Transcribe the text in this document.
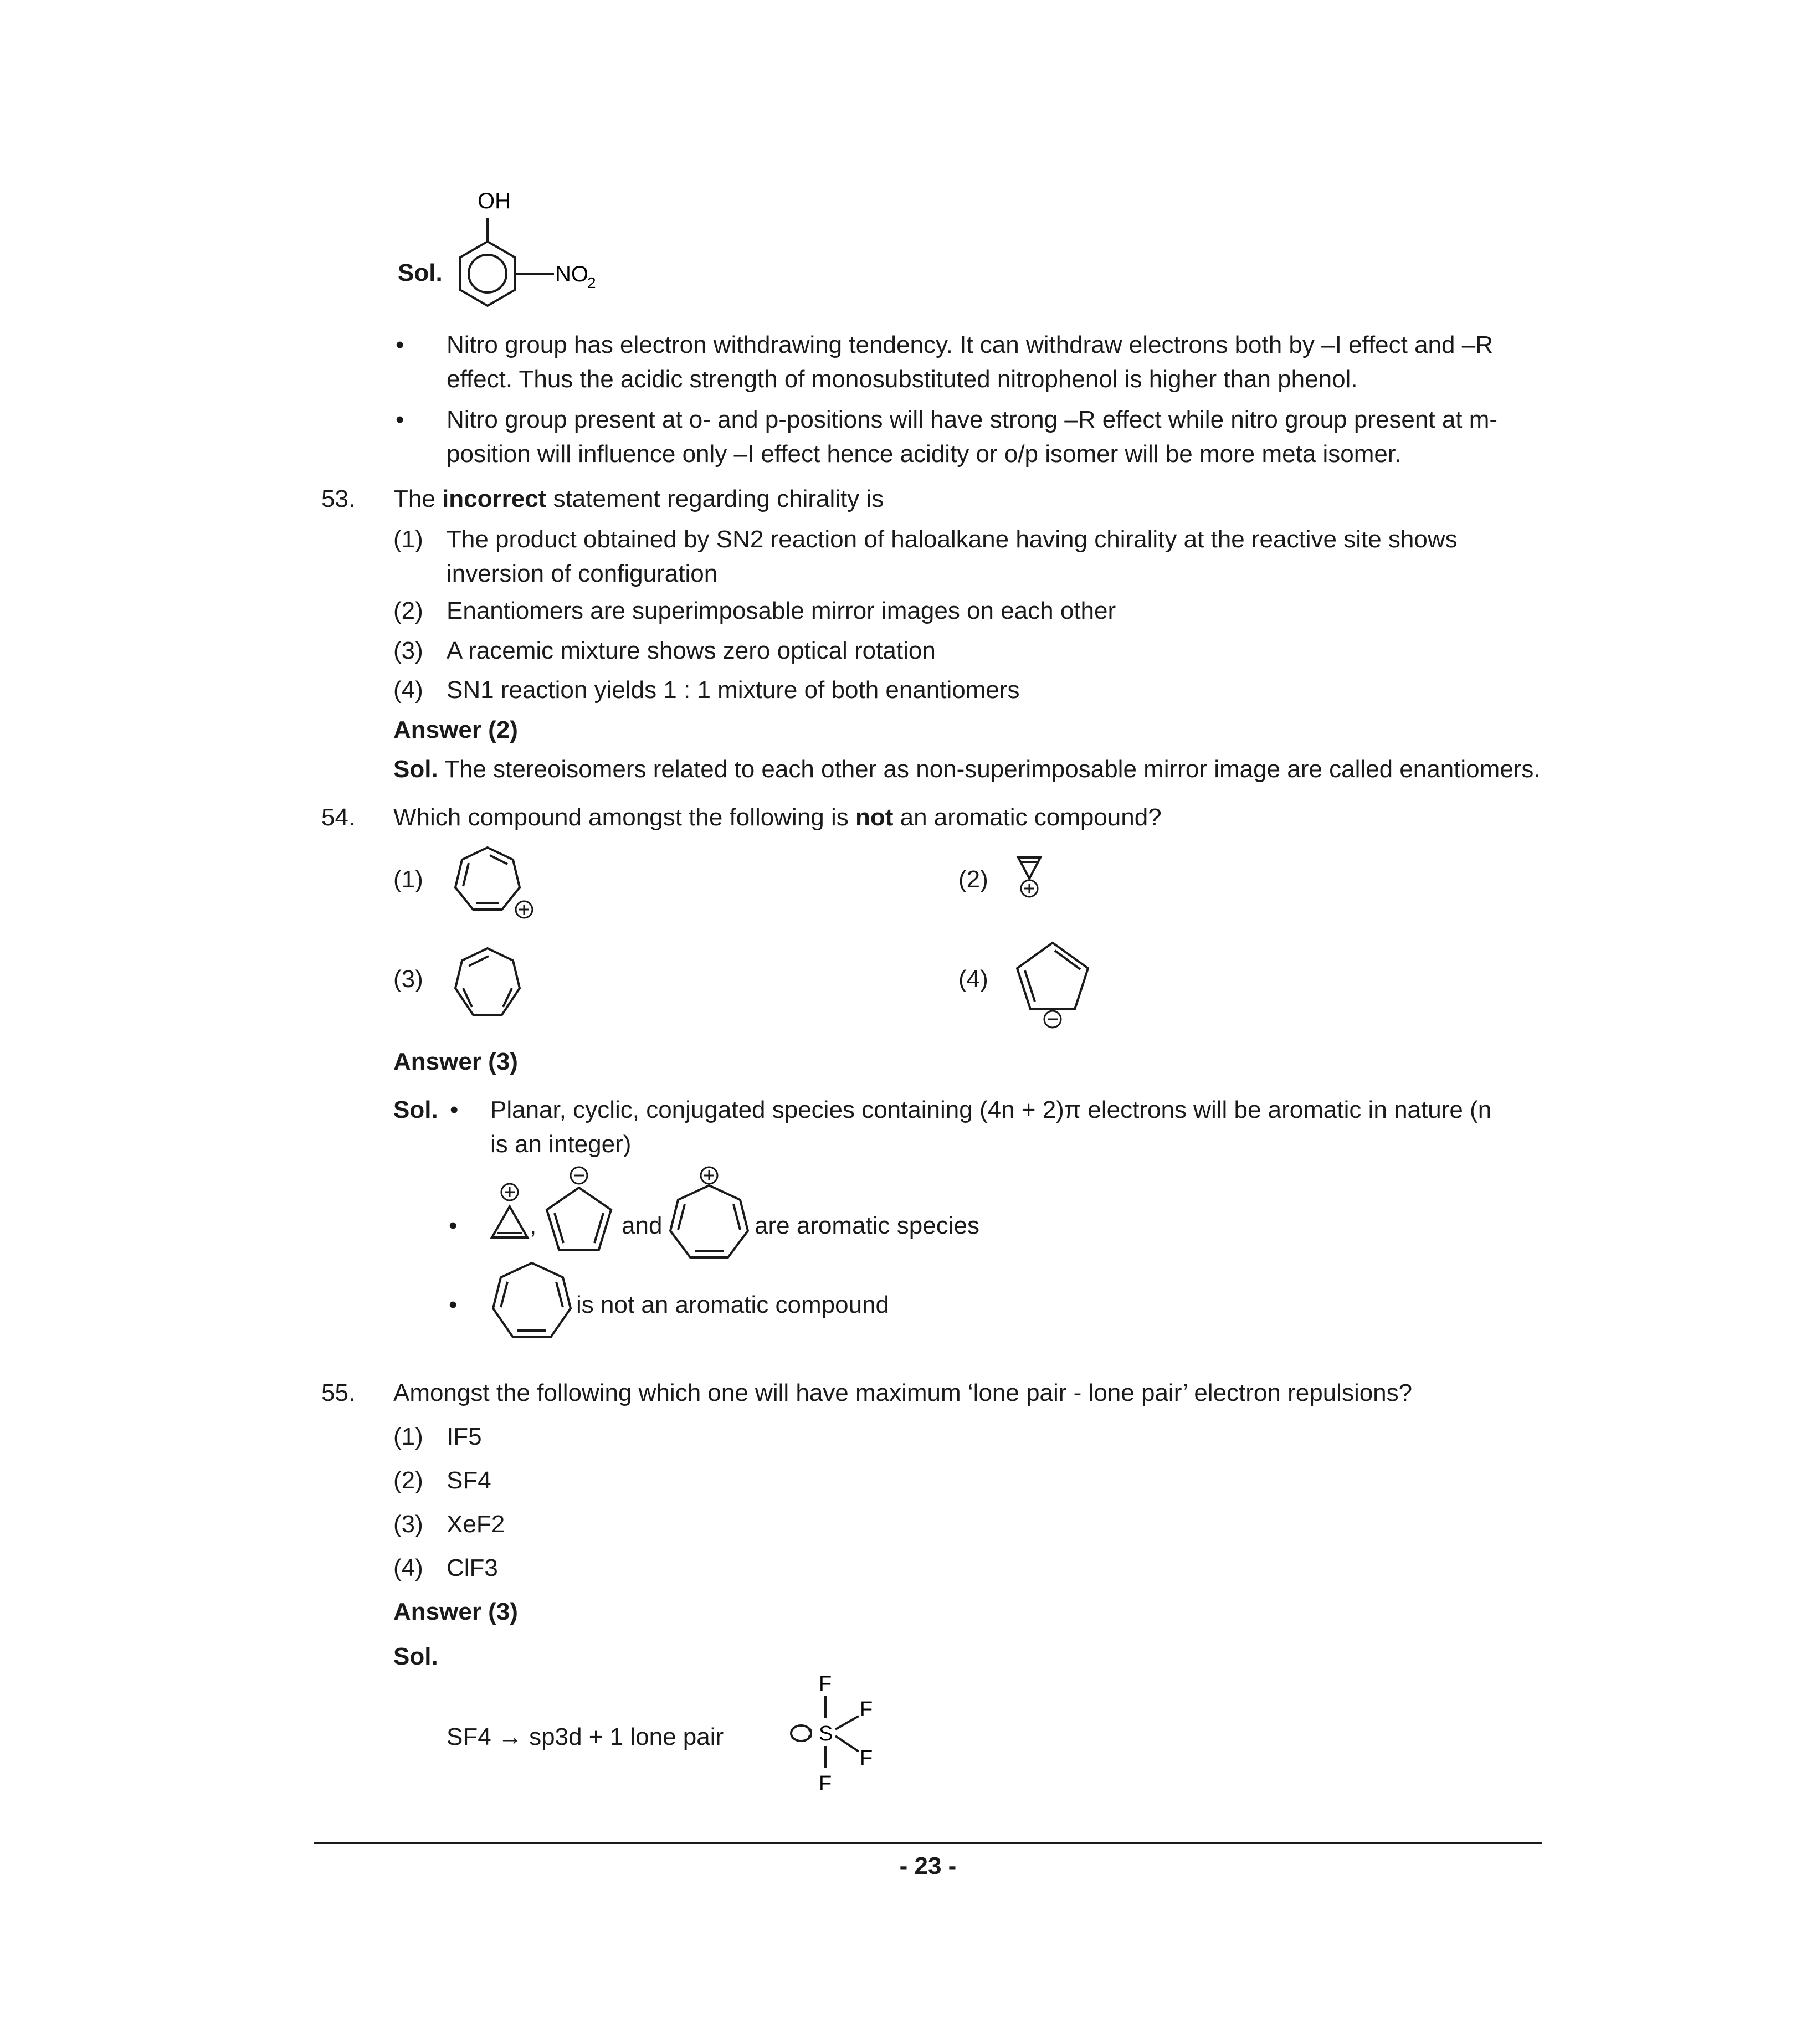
Sol.
OH
NO
2
• Nitro group has electron withdrawing tendency. It can withdraw electrons both by –I effect and –R effect. Thus the acidic strength of monosubstituted nitrophenol is higher than phenol.
• Nitro group present at o- and p-positions will have strong –R effect while nitro group present at m-position will influence only –I effect hence acidity or o/p isomer will be more meta isomer.
53. The incorrect statement regarding chirality is
(1) The product obtained by SN2 reaction of haloalkane having chirality at the reactive site shows inversion of configuration
(2) Enantiomers are superimposable mirror images on each other
(3) A racemic mixture shows zero optical rotation
(4) SN1 reaction yields 1 : 1 mixture of both enantiomers
Answer (2)
Sol. The stereoisomers related to each other as non-superimposable mirror image are called enantiomers.
54. Which compound amongst the following is not an aromatic compound?
(1)	(2)
(3)	(4)
Answer (3)
Sol. • Planar, cyclic, conjugated species containing (4n + 2)π electrons will be aromatic in nature (n is an integer)
•	,	and	are aromatic species
•	is not an aromatic compound
55. Amongst the following which one will have maximum ‘lone pair - lone pair’ electron repulsions?
(1) IF5
(2) SF4
(3) XeF2
(4) ClF3
Answer (3)
Sol.
SF4 → sp3d + 1 lone pair
F
S
F
F
F
- 23 -
